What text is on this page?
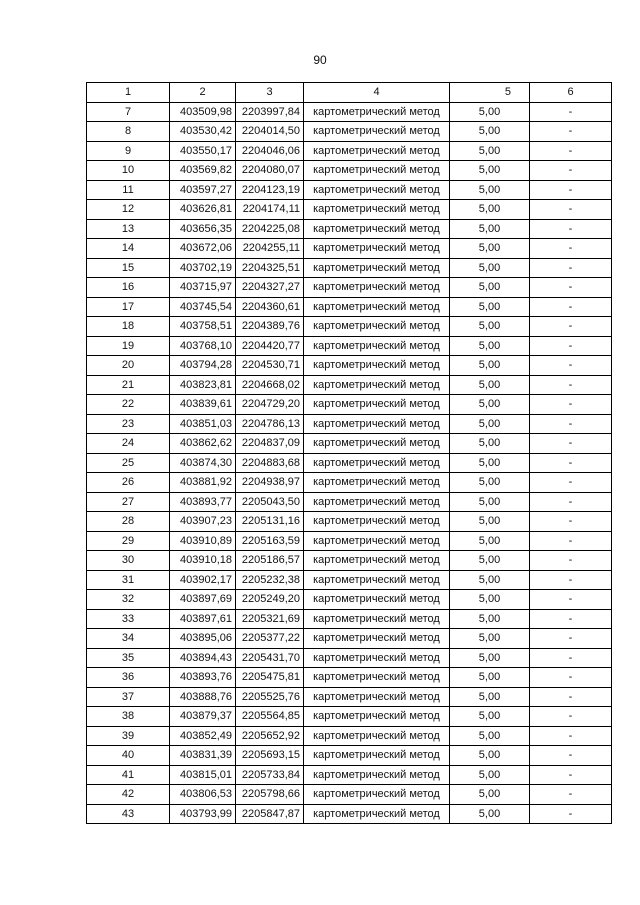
90
1	2	3	4	5	6
7	403509,98	2203997,84	картометрический метод	5,00	-
8	403530,42	2204014,50	картометрический метод	5,00	-
9	403550,17	2204046,06	картометрический метод	5,00	-
10	403569,82	2204080,07	картометрический метод	5,00	-
11	403597,27	2204123,19	картометрический метод	5,00	-
12	403626,81	2204174,11	картометрический метод	5,00	-
13	403656,35	2204225,08	картометрический метод	5,00	-
14	403672,06	2204255,11	картометрический метод	5,00	-
15	403702,19	2204325,51	картометрический метод	5,00	-
16	403715,97	2204327,27	картометрический метод	5,00	-
17	403745,54	2204360,61	картометрический метод	5,00	-
18	403758,51	2204389,76	картометрический метод	5,00	-
19	403768,10	2204420,77	картометрический метод	5,00	-
20	403794,28	2204530,71	картометрический метод	5,00	-
21	403823,81	2204668,02	картометрический метод	5,00	-
22	403839,61	2204729,20	картометрический метод	5,00	-
23	403851,03	2204786,13	картометрический метод	5,00	-
24	403862,62	2204837,09	картометрический метод	5,00	-
25	403874,30	2204883,68	картометрический метод	5,00	-
26	403881,92	2204938,97	картометрический метод	5,00	-
27	403893,77	2205043,50	картометрический метод	5,00	-
28	403907,23	2205131,16	картометрический метод	5,00	-
29	403910,89	2205163,59	картометрический метод	5,00	-
30	403910,18	2205186,57	картометрический метод	5,00	-
31	403902,17	2205232,38	картометрический метод	5,00	-
32	403897,69	2205249,20	картометрический метод	5,00	-
33	403897,61	2205321,69	картометрический метод	5,00	-
34	403895,06	2205377,22	картометрический метод	5,00	-
35	403894,43	2205431,70	картометрический метод	5,00	-
36	403893,76	2205475,81	картометрический метод	5,00	-
37	403888,76	2205525,76	картометрический метод	5,00	-
38	403879,37	2205564,85	картометрический метод	5,00	-
39	403852,49	2205652,92	картометрический метод	5,00	-
40	403831,39	2205693,15	картометрический метод	5,00	-
41	403815,01	2205733,84	картометрический метод	5,00	-
42	403806,53	2205798,66	картометрический метод	5,00	-
43	403793,99	2205847,87	картометрический метод	5,00	-
